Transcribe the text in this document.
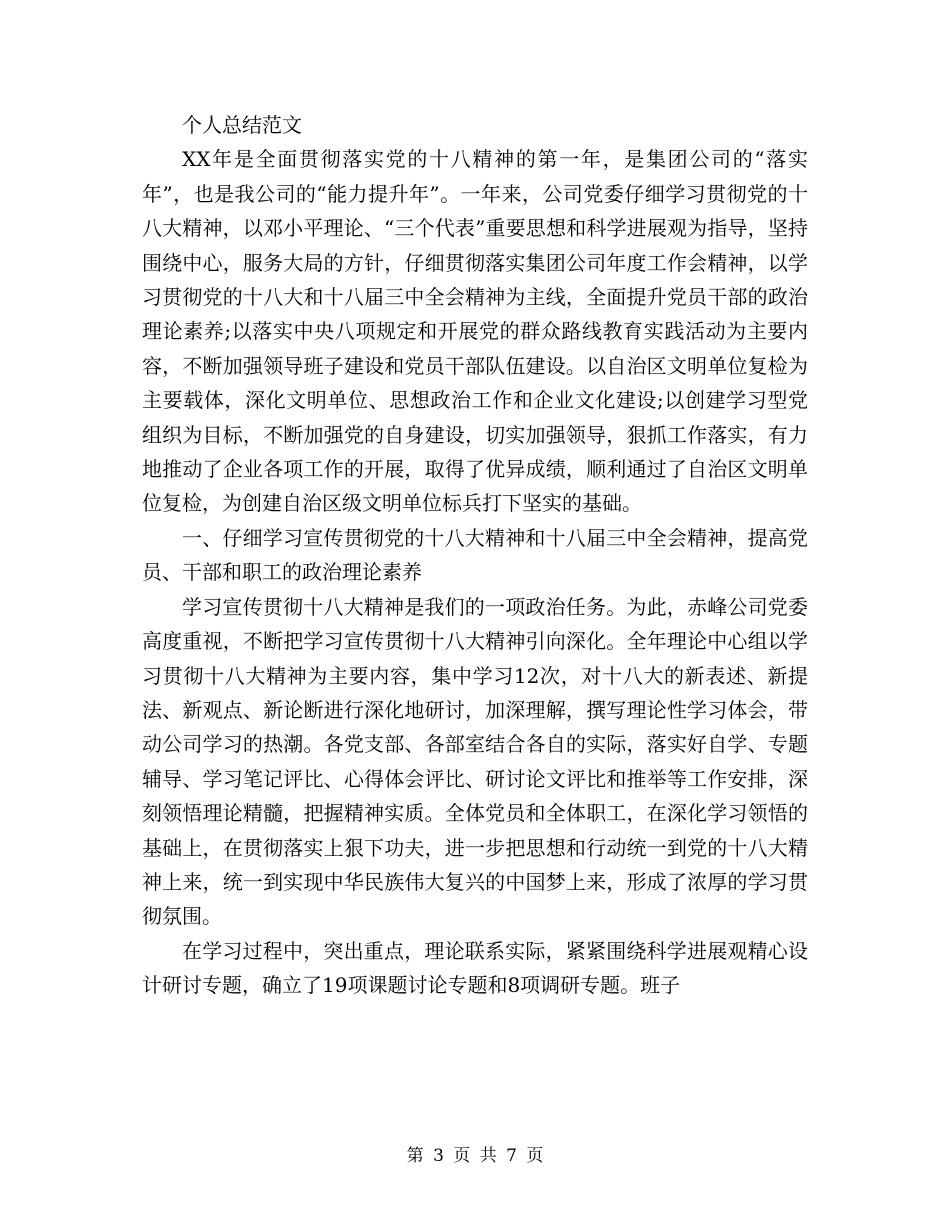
个人总结范文

XX年是全面贯彻落实党的十八精神的第一年，是集团公司的“落实年”，也是我公司的“能力提升年”。一年来，公司党委仔细学习贯彻党的十八大精神，以邓小平理论、“三个代表”重要思想和科学进展观为指导，坚持围绕中心，服务大局的方针，仔细贯彻落实集团公司年度工作会精神，以学习贯彻党的十八大和十八届三中全会精神为主线，全面提升党员干部的政治理论素养;以落实中央八项规定和开展党的群众路线教育实践活动为主要内容，不断加强领导班子建设和党员干部队伍建设。以自治区文明单位复检为主要载体，深化文明单位、思想政治工作和企业文化建设;以创建学习型党组织为目标，不断加强党的自身建设，切实加强领导，狠抓工作落实，有力地推动了企业各项工作的开展，取得了优异成绩，顺利通过了自治区文明单位复检，为创建自治区级文明单位标兵打下坚实的基础。

一、仔细学习宣传贯彻党的十八大精神和十八届三中全会精神，提高党员、干部和职工的政治理论素养

学习宣传贯彻十八大精神是我们的一项政治任务。为此，赤峰公司党委高度重视，不断把学习宣传贯彻十八大精神引向深化。全年理论中心组以学习贯彻十八大精神为主要内容，集中学习12次，对十八大的新表述、新提法、新观点、新论断进行深化地研讨，加深理解，撰写理论性学习体会，带动公司学习的热潮。各党支部、各部室结合各自的实际，落实好自学、专题辅导、学习笔记评比、心得体会评比、研讨论文评比和推举等工作安排，深刻领悟理论精髓，把握精神实质。全体党员和全体职工，在深化学习领悟的基础上，在贯彻落实上狠下功夫，进一步把思想和行动统一到党的十八大精神上来，统一到实现中华民族伟大复兴的中国梦上来，形成了浓厚的学习贯彻氛围。

在学习过程中，突出重点，理论联系实际，紧紧围绕科学进展观精心设计研讨专题，确立了19项课题讨论专题和8项调研专题。班子

第 3 页 共 7 页
